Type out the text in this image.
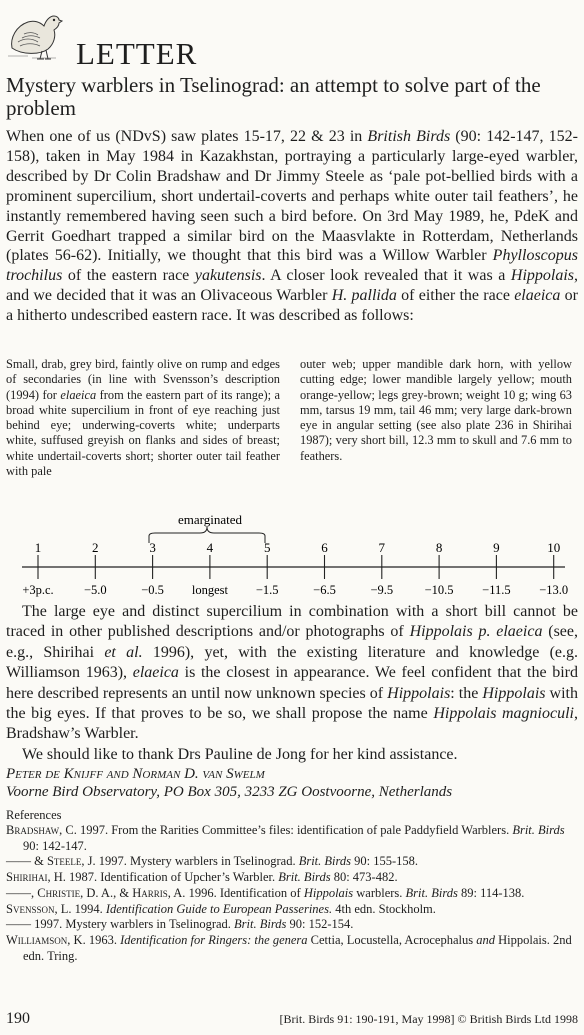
LETTER
Mystery warblers in Tselinograd: an attempt to solve part of the problem
When one of us (NDvS) saw plates 15-17, 22 & 23 in British Birds (90: 142-147, 152-158), taken in May 1984 in Kazakhstan, portraying a particularly large-eyed warbler, described by Dr Colin Bradshaw and Dr Jimmy Steele as ‘pale pot-bellied birds with a prominent supercilium, short undertail-coverts and perhaps white outer tail feathers’, he instantly remembered having seen such a bird before. On 3rd May 1989, he, PdeK and Gerrit Goedhart trapped a similar bird on the Maasvlakte in Rotterdam, Netherlands (plates 56-62). Initially, we thought that this bird was a Willow Warbler Phylloscopus trochilus of the eastern race yakutensis. A closer look revealed that it was a Hippolais, and we decided that it was an Olivaceous Warbler H. pallida of either the race elaeica or a hitherto undescribed eastern race. It was described as follows:
Small, drab, grey bird, faintly olive on rump and edges of secondaries (in line with Svensson’s description (1994) for elaeica from the eastern part of its range); a broad white supercilium in front of eye reaching just behind eye; underwing-coverts white; underparts white, suffused greyish on flanks and sides of breast; white undertail-coverts short; shorter outer tail feather with pale
outer web; upper mandible dark horn, with yellow cutting edge; lower mandible largely yellow; mouth orange-yellow; legs grey-brown; weight 10 g; wing 63 mm, tarsus 19 mm, tail 46 mm; very large dark-brown eye in angular setting (see also plate 236 in Shirihai 1987); very short bill, 12.3 mm to skull and 7.6 mm to feathers.
emarginated
1
+3p.c.
2
−5.0
3
−0.5
4
longest
5
−1.5
6
−6.5
7
−9.5
8
−10.5
9
−11.5
10
−13.0

The large eye and distinct supercilium in combination with a short bill cannot be traced in other published descriptions and/or photographs of Hippolais p. elaeica (see, e.g., Shirihai et al. 1996), yet, with the existing literature and knowledge (e.g. Williamson 1963), elaeica is the closest in appearance. We feel confident that the bird here described represents an until now unknown species of Hippolais: the Hippolais with the big eyes. If that proves to be so, we shall propose the name Hippolais magnioculi, Bradshaw’s Warbler.

We should like to thank Drs Pauline de Jong for her kind assistance.

Peter de Knijff and Norman D. van Swelm
Voorne Bird Observatory, PO Box 305, 3233 ZG Oostvoorne, Netherlands
References
Bradshaw, C. 1997. From the Rarities Committee’s files: identification of pale Paddyfield Warblers. Brit. Birds 90: 142-147.
—— & Steele, J. 1997. Mystery warblers in Tselinograd. Brit. Birds 90: 155-158.
Shirihai, H. 1987. Identification of Upcher’s Warbler. Brit. Birds 80: 473-482.
——, Christie, D. A., & Harris, A. 1996. Identification of Hippolais warblers. Brit. Birds 89: 114-138.
Svensson, L. 1994. Identification Guide to European Passerines. 4th edn. Stockholm.
—— 1997. Mystery warblers in Tselinograd. Brit. Birds 90: 152-154.
Williamson, K. 1963. Identification for Ringers: the genera Cettia, Locustella, Acrocephalus and Hippolais. 2nd edn. Tring.
190	[Brit. Birds 91: 190-191, May 1998] © British Birds Ltd 1998
